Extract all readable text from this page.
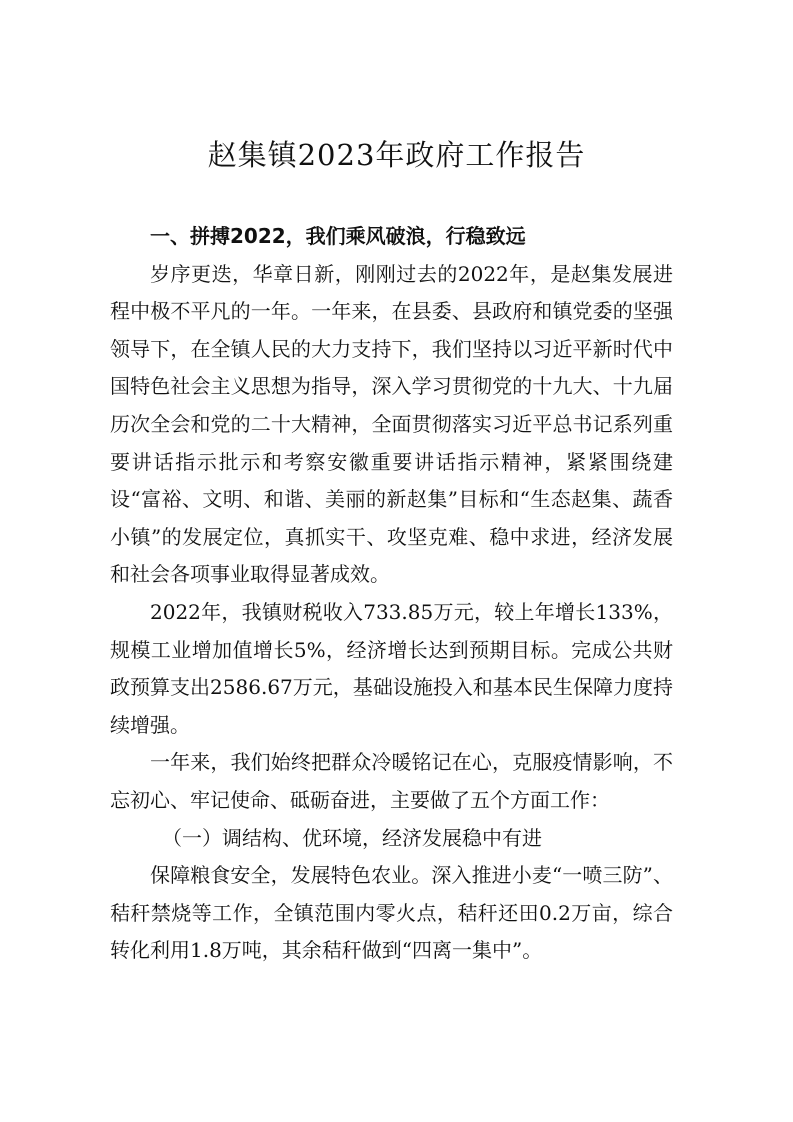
赵集镇2023年政府工作报告
一、拼搏2022，我们乘风破浪，行稳致远

岁序更迭，华章日新，刚刚过去的2022年，是赵集发展进程中极不平凡的一年。一年来，在县委、县政府和镇党委的坚强领导下，在全镇人民的大力支持下，我们坚持以习近平新时代中国特色社会主义思想为指导，深入学习贯彻党的十九大、十九届历次全会和党的二十大精神，全面贯彻落实习近平总书记系列重要讲话指示批示和考察安徽重要讲话指示精神，紧紧围绕建设“富裕、文明、和谐、美丽的新赵集”目标和“生态赵集、蔬香小镇”的发展定位，真抓实干、攻坚克难、稳中求进，经济发展和社会各项事业取得显著成效。

2022年，我镇财税收入733.85万元，较上年增长133%，规模工业增加值增长5%，经济增长达到预期目标。完成公共财政预算支出2586.67万元，基础设施投入和基本民生保障力度持续增强。

一年来，我们始终把群众冷暖铭记在心，克服疫情影响，不忘初心、牢记使命、砥砺奋进，主要做了五个方面工作：

（一）调结构、优环境，经济发展稳中有进

保障粮食安全，发展特色农业。深入推进小麦“一喷三防”、秸秆禁烧等工作，全镇范围内零火点，秸秆还田0.2万亩，综合转化利用1.8万吨，其余秸秆做到“四离一集中”。
